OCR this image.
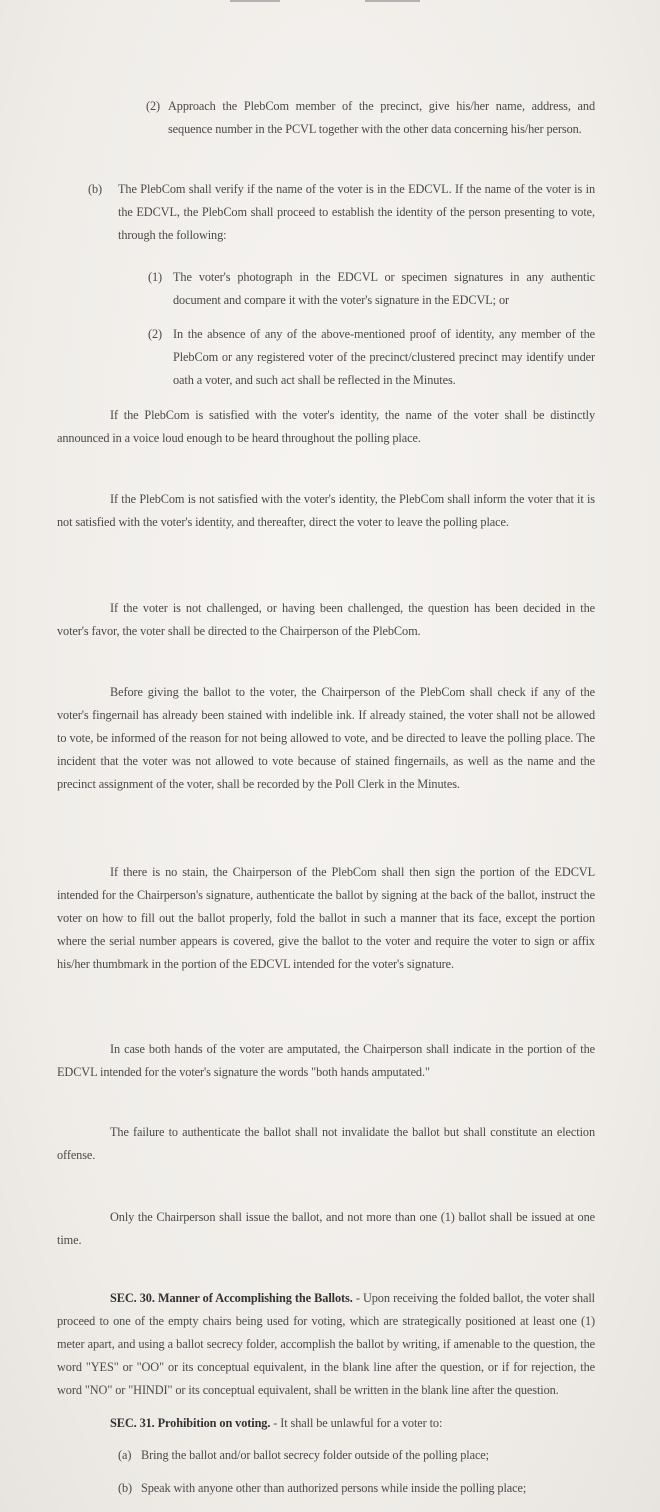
(2) Approach the PlebCom member of the precinct, give his/her name, address, and sequence number in the PCVL together with the other data concerning his/her person.
(b)	The PlebCom shall verify if the name of the voter is in the EDCVL. If the name of the voter is in the EDCVL, the PlebCom shall proceed to establish the identity of the person presenting to vote, through the following:
(1) The voter's photograph in the EDCVL or specimen signatures in any authentic document and compare it with the voter's signature in the EDCVL; or
(2) In the absence of any of the above-mentioned proof of identity, any member of the PlebCom or any registered voter of the precinct/clustered precinct may identify under oath a voter, and such act shall be reflected in the Minutes.
If the PlebCom is satisfied with the voter's identity, the name of the voter shall be distinctly announced in a voice loud enough to be heard throughout the polling place.
If the PlebCom is not satisfied with the voter's identity, the PlebCom shall inform the voter that it is not satisfied with the voter's identity, and thereafter, direct the voter to leave the polling place.
If the voter is not challenged, or having been challenged, the question has been decided in the voter's favor, the voter shall be directed to the Chairperson of the PlebCom.
Before giving the ballot to the voter, the Chairperson of the PlebCom shall check if any of the voter's fingernail has already been stained with indelible ink. If already stained, the voter shall not be allowed to vote, be informed of the reason for not being allowed to vote, and be directed to leave the polling place. The incident that the voter was not allowed to vote because of stained fingernails, as well as the name and the precinct assignment of the voter, shall be recorded by the Poll Clerk in the Minutes.
If there is no stain, the Chairperson of the PlebCom shall then sign the portion of the EDCVL intended for the Chairperson's signature, authenticate the ballot by signing at the back of the ballot, instruct the voter on how to fill out the ballot properly, fold the ballot in such a manner that its face, except the portion where the serial number appears is covered, give the ballot to the voter and require the voter to sign or affix his/her thumbmark in the portion of the EDCVL intended for the voter's signature.
In case both hands of the voter are amputated, the Chairperson shall indicate in the portion of the EDCVL intended for the voter's signature the words "both hands amputated."
The failure to authenticate the ballot shall not invalidate the ballot but shall constitute an election offense.
Only the Chairperson shall issue the ballot, and not more than one (1) ballot shall be issued at one time.
SEC. 30. Manner of Accomplishing the Ballots. - Upon receiving the folded ballot, the voter shall proceed to one of the empty chairs being used for voting, which are strategically positioned at least one (1) meter apart, and using a ballot secrecy folder, accomplish the ballot by writing, if amenable to the question, the word "YES" or "OO" or its conceptual equivalent, in the blank line after the question, or if for rejection, the word "NO" or "HINDI" or its conceptual equivalent, shall be written in the blank line after the question.
SEC. 31. Prohibition on voting. - It shall be unlawful for a voter to:
(a) Bring the ballot and/or ballot secrecy folder outside of the polling place;
(b) Speak with anyone other than authorized persons while inside the polling place;
